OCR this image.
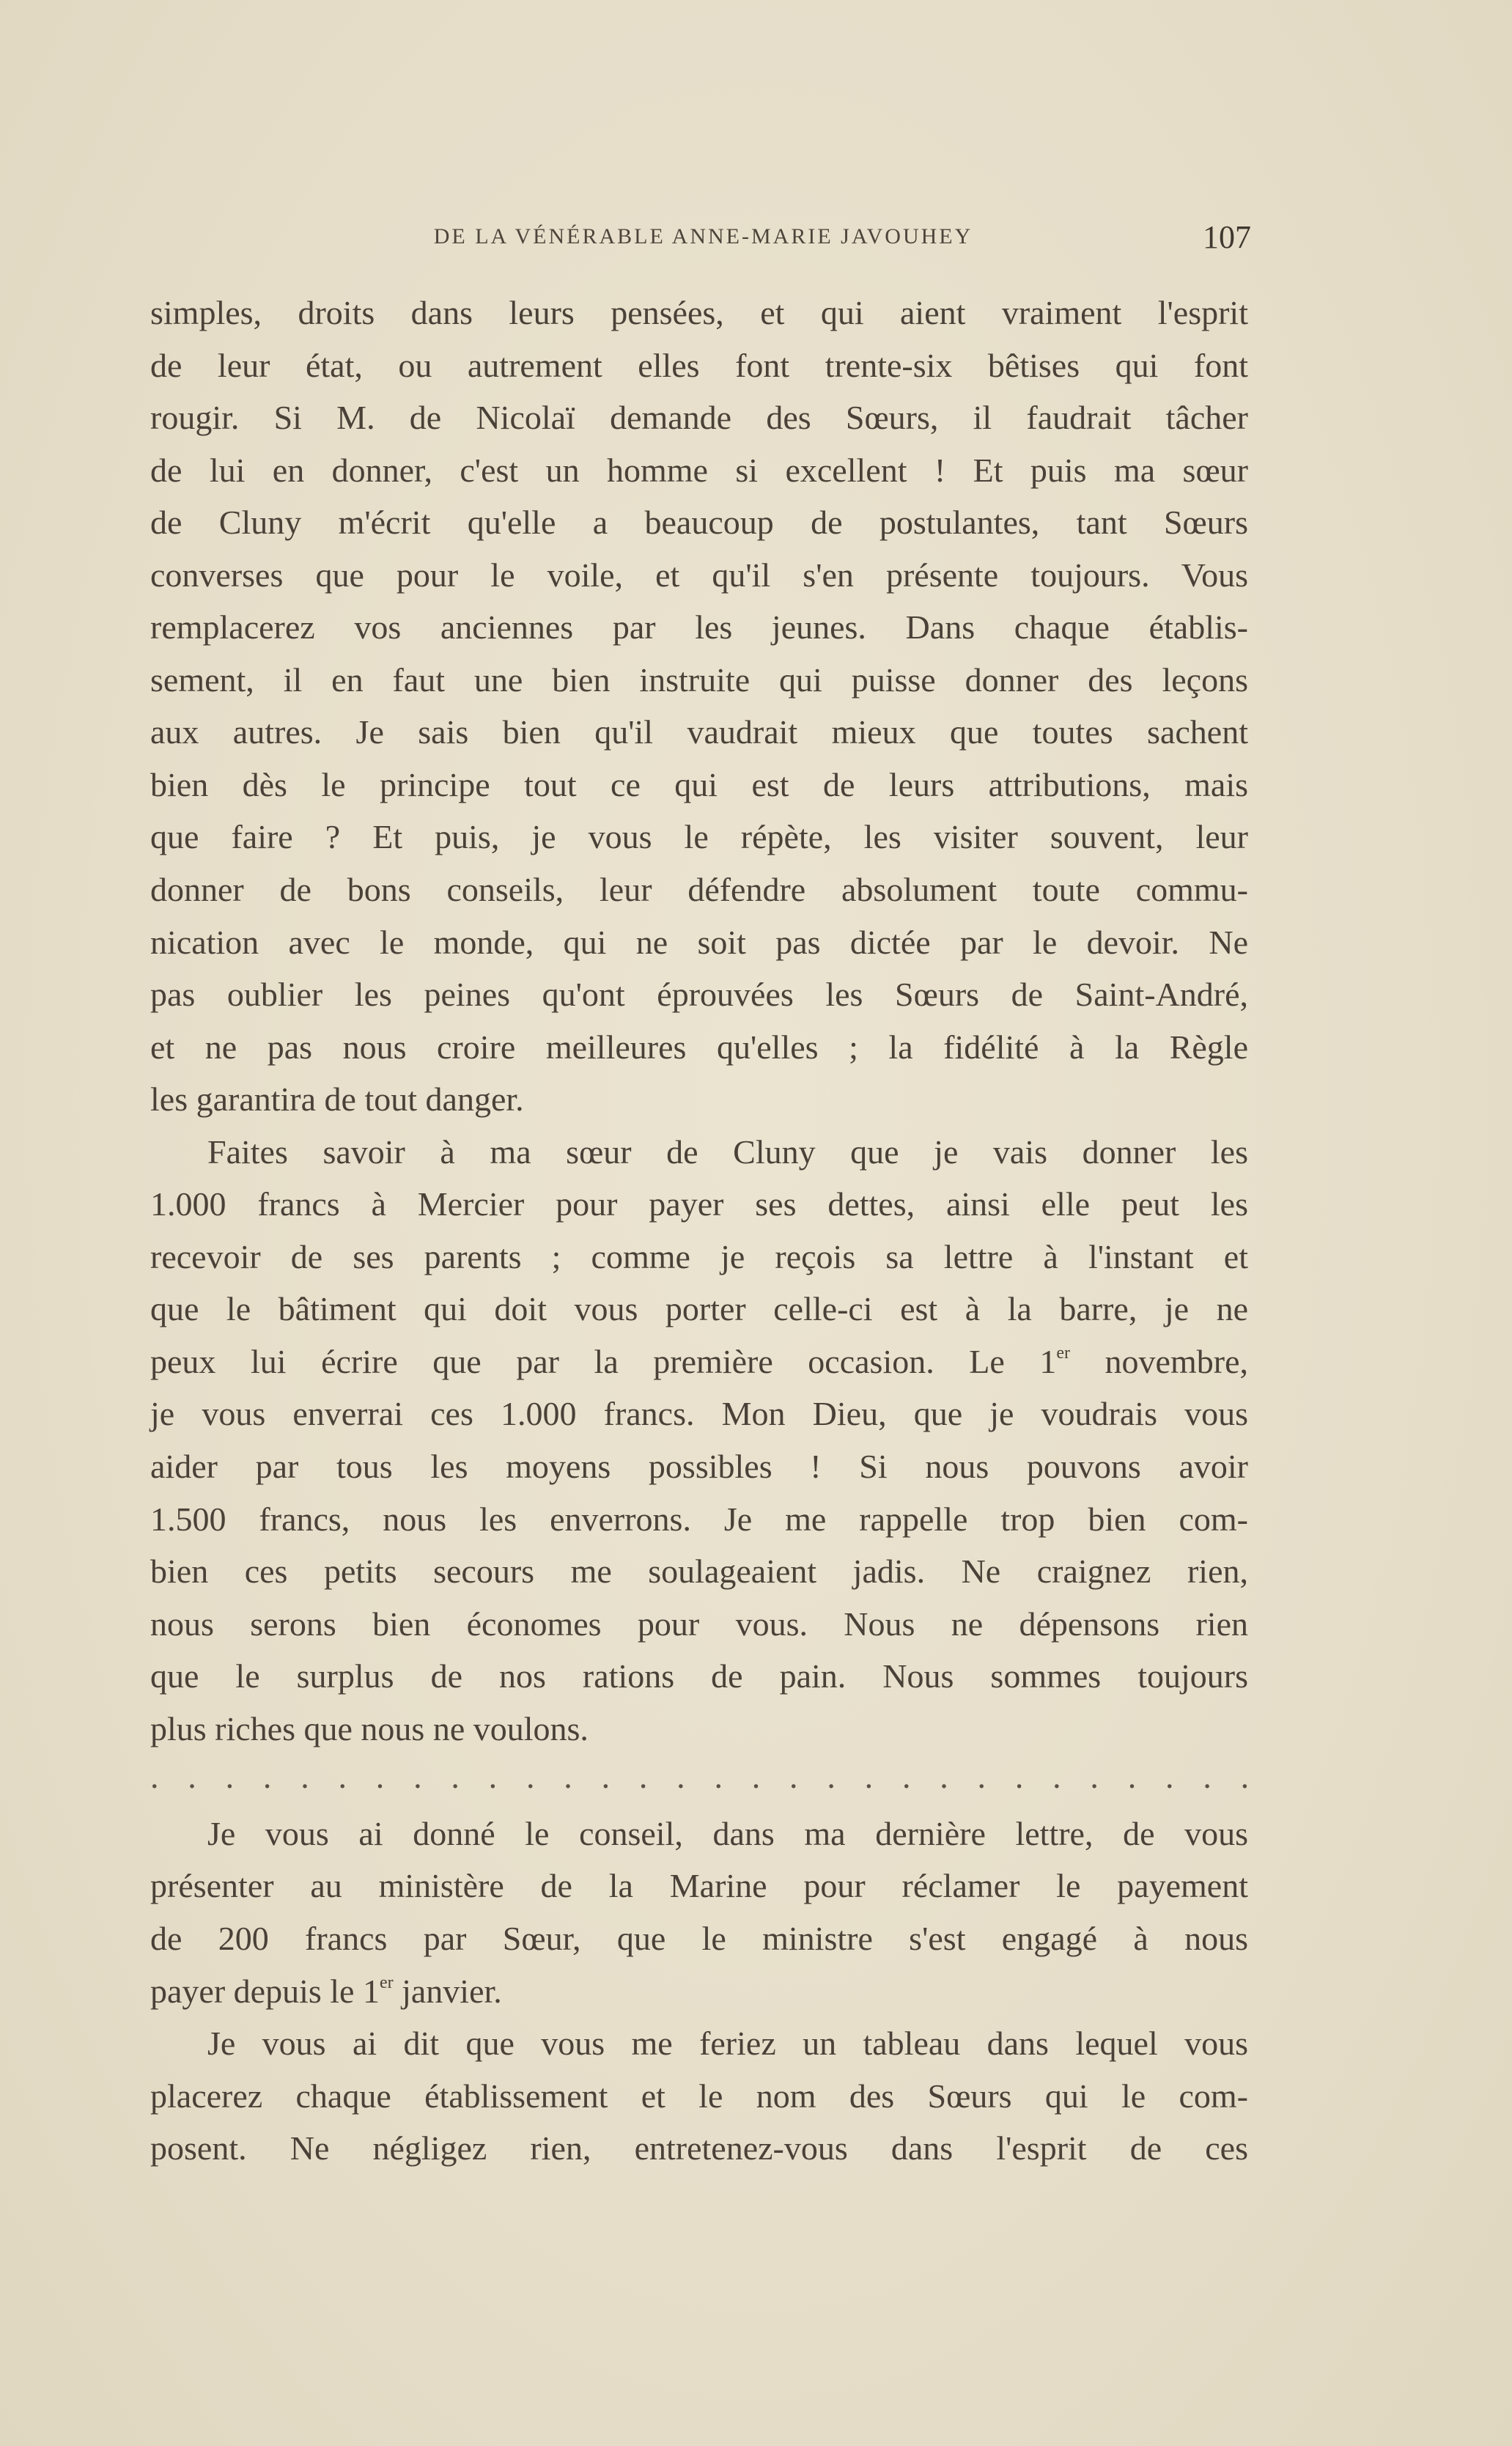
DE LA VÉNÉRABLE ANNE-MARIE JAVOUHEY	107
simples, droits dans leurs pensées, et qui aient vraiment l'esprit
de leur état, ou autrement elles font trente-six bêtises qui font
rougir. Si M. de Nicolaï demande des Sœurs, il faudrait tâcher
de lui en donner, c'est un homme si excellent ! Et puis ma sœur
de Cluny m'écrit qu'elle a beaucoup de postulantes, tant Sœurs
converses que pour le voile, et qu'il s'en présente toujours. Vous
remplacerez vos anciennes par les jeunes. Dans chaque établis-
sement, il en faut une bien instruite qui puisse donner des leçons
aux autres. Je sais bien qu'il vaudrait mieux que toutes sachent
bien dès le principe tout ce qui est de leurs attributions, mais
que faire ? Et puis, je vous le répète, les visiter souvent, leur
donner de bons conseils, leur défendre absolument toute commu-
nication avec le monde, qui ne soit pas dictée par le devoir. Ne
pas oublier les peines qu'ont éprouvées les Sœurs de Saint-André,
et ne pas nous croire meilleures qu'elles ; la fidélité à la Règle
les garantira de tout danger.
Faites savoir à ma sœur de Cluny que je vais donner les
1.000 francs à Mercier pour payer ses dettes, ainsi elle peut les
recevoir de ses parents ; comme je reçois sa lettre à l'instant et
que le bâtiment qui doit vous porter celle-ci est à la barre, je ne
peux lui écrire que par la première occasion. Le 1er novembre,
je vous enverrai ces 1.000 francs. Mon Dieu, que je voudrais vous
aider par tous les moyens possibles ! Si nous pouvons avoir
1.500 francs, nous les enverrons. Je me rappelle trop bien com-
bien ces petits secours me soulageaient jadis. Ne craignez rien,
nous serons bien économes pour vous. Nous ne dépensons rien
que le surplus de nos rations de pain. Nous sommes toujours
plus riches que nous ne voulons.
. . . . . . . . . . . . . . . . . . . . . . . . . . . . . .
Je vous ai donné le conseil, dans ma dernière lettre, de vous
présenter au ministère de la Marine pour réclamer le payement
de 200 francs par Sœur, que le ministre s'est engagé à nous
payer depuis le 1er janvier.
Je vous ai dit que vous me feriez un tableau dans lequel vous
placerez chaque établissement et le nom des Sœurs qui le com-
posent. Ne négligez rien, entretenez-vous dans l'esprit de ces
